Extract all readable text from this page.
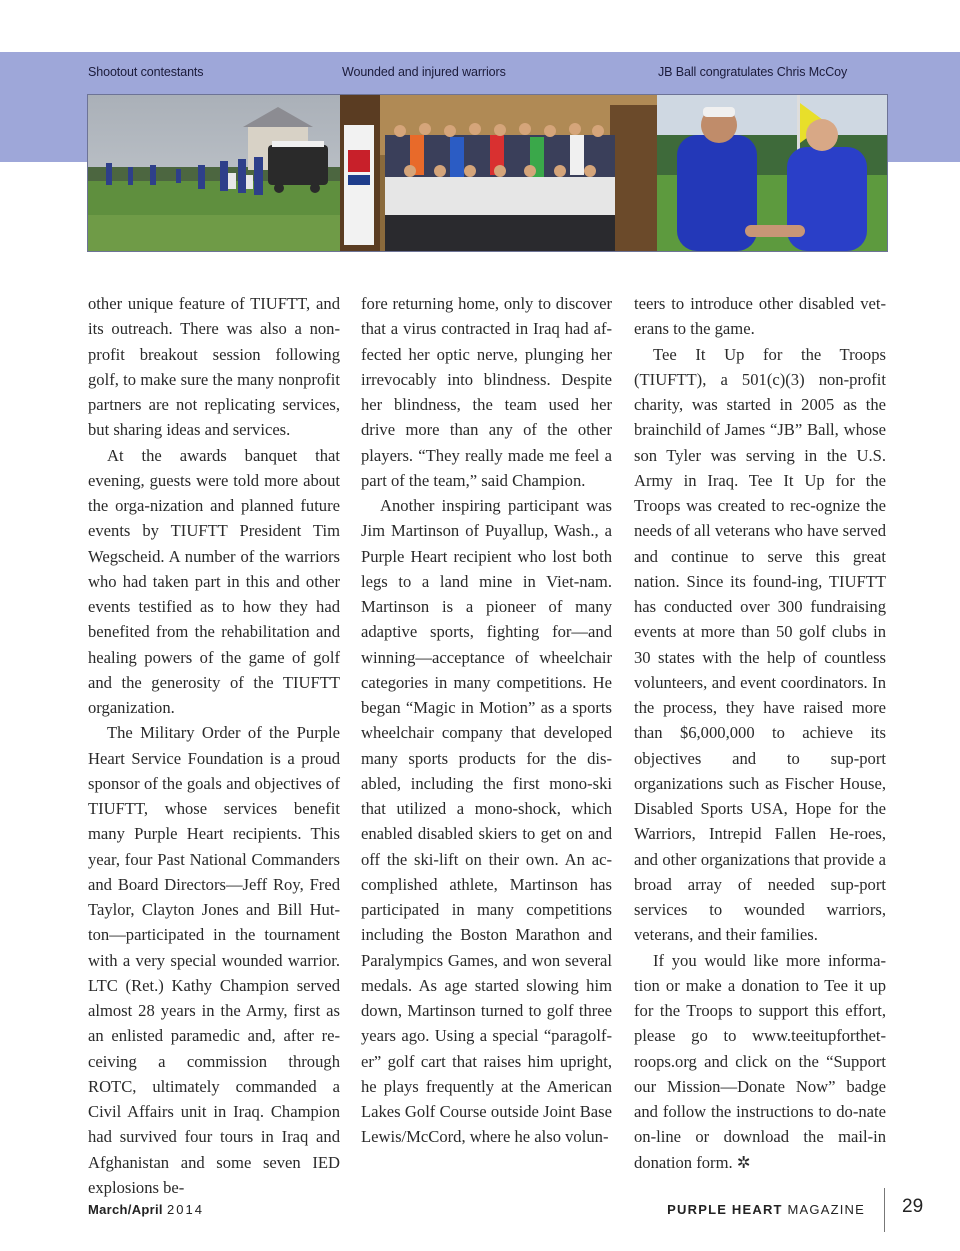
Shootout contestants	Wounded and injured warriors	JB Ball congratulates Chris McCoy

other unique feature of TIUFTT, and its outreach. There was also a non-profit breakout session following golf, to make sure the many nonprofit partners are not replicating services, but sharing ideas and services.

At the awards banquet that evening, guests were told more about the orga-nization and planned future events by TIUFTT President Tim Wegscheid. A number of the warriors who had taken part in this and other events testified as to how they had benefited from the rehabilitation and healing powers of the game of golf and the generosity of the TIUFTT organization.

The Military Order of the Purple Heart Service Foundation is a proud sponsor of the goals and objectives of TIUFTT, whose services benefit many Purple Heart recipients. This year, four Past National Commanders and Board Directors—Jeff Roy, Fred Taylor, Clayton Jones and Bill Hut-ton—participated in the tournament with a very special wounded warrior. LTC (Ret.) Kathy Champion served almost 28 years in the Army, first as an enlisted paramedic and, after re-ceiving a commission through ROTC, ultimately commanded a Civil Affairs unit in Iraq. Champion had survived four tours in Iraq and Afghanistan and some seven IED explosions be-

fore returning home, only to discover that a virus contracted in Iraq had af-fected her optic nerve, plunging her irrevocably into blindness. Despite her blindness, the team used her drive more than any of the other players. “They really made me feel a part of the team,” said Champion.

Another inspiring participant was Jim Martinson of Puyallup, Wash., a Purple Heart recipient who lost both legs to a land mine in Viet-nam. Martinson is a pioneer of many adaptive sports, fighting for—and winning—acceptance of wheelchair categories in many competitions. He began “Magic in Motion” as a sports wheelchair company that developed many sports products for the dis-abled, including the first mono-ski that utilized a mono-shock, which enabled disabled skiers to get on and off the ski-lift on their own. An ac-complished athlete, Martinson has participated in many competitions including the Boston Marathon and Paralympics Games, and won several medals. As age started slowing him down, Martinson turned to golf three years ago. Using a special “paragolf-er” golf cart that raises him upright, he plays frequently at the American Lakes Golf Course outside Joint Base Lewis/McCord, where he also volun-

teers to introduce other disabled vet-erans to the game.

Tee It Up for the Troops (TIUFTT), a 501(c)(3) non-profit charity, was started in 2005 as the brainchild of James “JB” Ball, whose son Tyler was serving in the U.S. Army in Iraq. Tee It Up for the Troops was created to rec-ognize the needs of all veterans who have served and continue to serve this great nation. Since its found-ing, TIUFTT has conducted over 300 fundraising events at more than 50 golf clubs in 30 states with the help of countless volunteers, and event coordinators. In the process, they have raised more than $6,000,000 to achieve its objectives and to sup-port organizations such as Fischer House, Disabled Sports USA, Hope for the Warriors, Intrepid Fallen He-roes, and other organizations that provide a broad array of needed sup-port services to wounded warriors, veterans, and their families.

If you would like more informa-tion or make a donation to Tee it up for the Troops to support this effort, please go to www.teeitupforthet-roops.org and click on the “Support our Mission—Donate Now” badge and follow the instructions to do-nate on-line or download the mail-in donation form. ✲

March/April 2014	PURPLE HEART MAGAZINE 29
